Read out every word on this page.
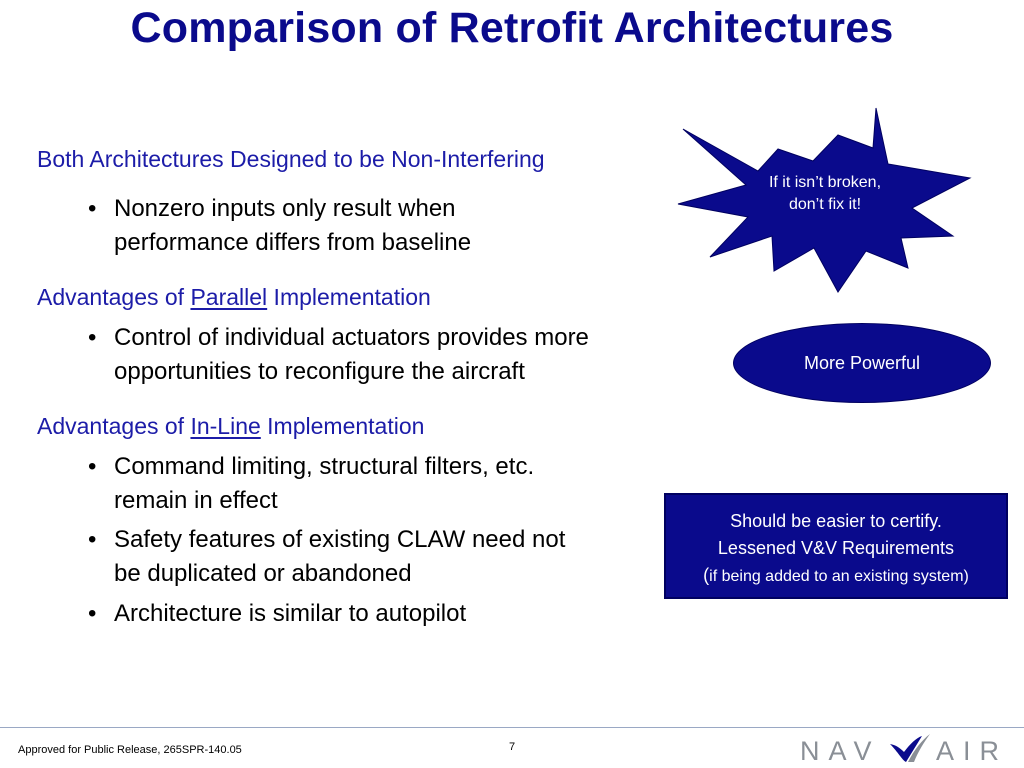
Comparison of Retrofit Architectures
Both Architectures Designed to be Non-Interfering
• Nonzero inputs only result when
performance differs from baseline
Advantages of Parallel Implementation
• Control of individual actuators provides more
opportunities to reconfigure the aircraft
Advantages of In-Line Implementation
• Command limiting, structural filters, etc.
remain in effect
• Safety features of existing CLAW need not
be duplicated or abandoned
• Architecture is similar to autopilot
If it isn’t broken,
don’t fix it!
More Powerful
Should be easier to certify.
Lessened V&V Requirements
(if being added to an existing system)
Approved for Public Release, 265SPR-140.05	7	NAV AIR
